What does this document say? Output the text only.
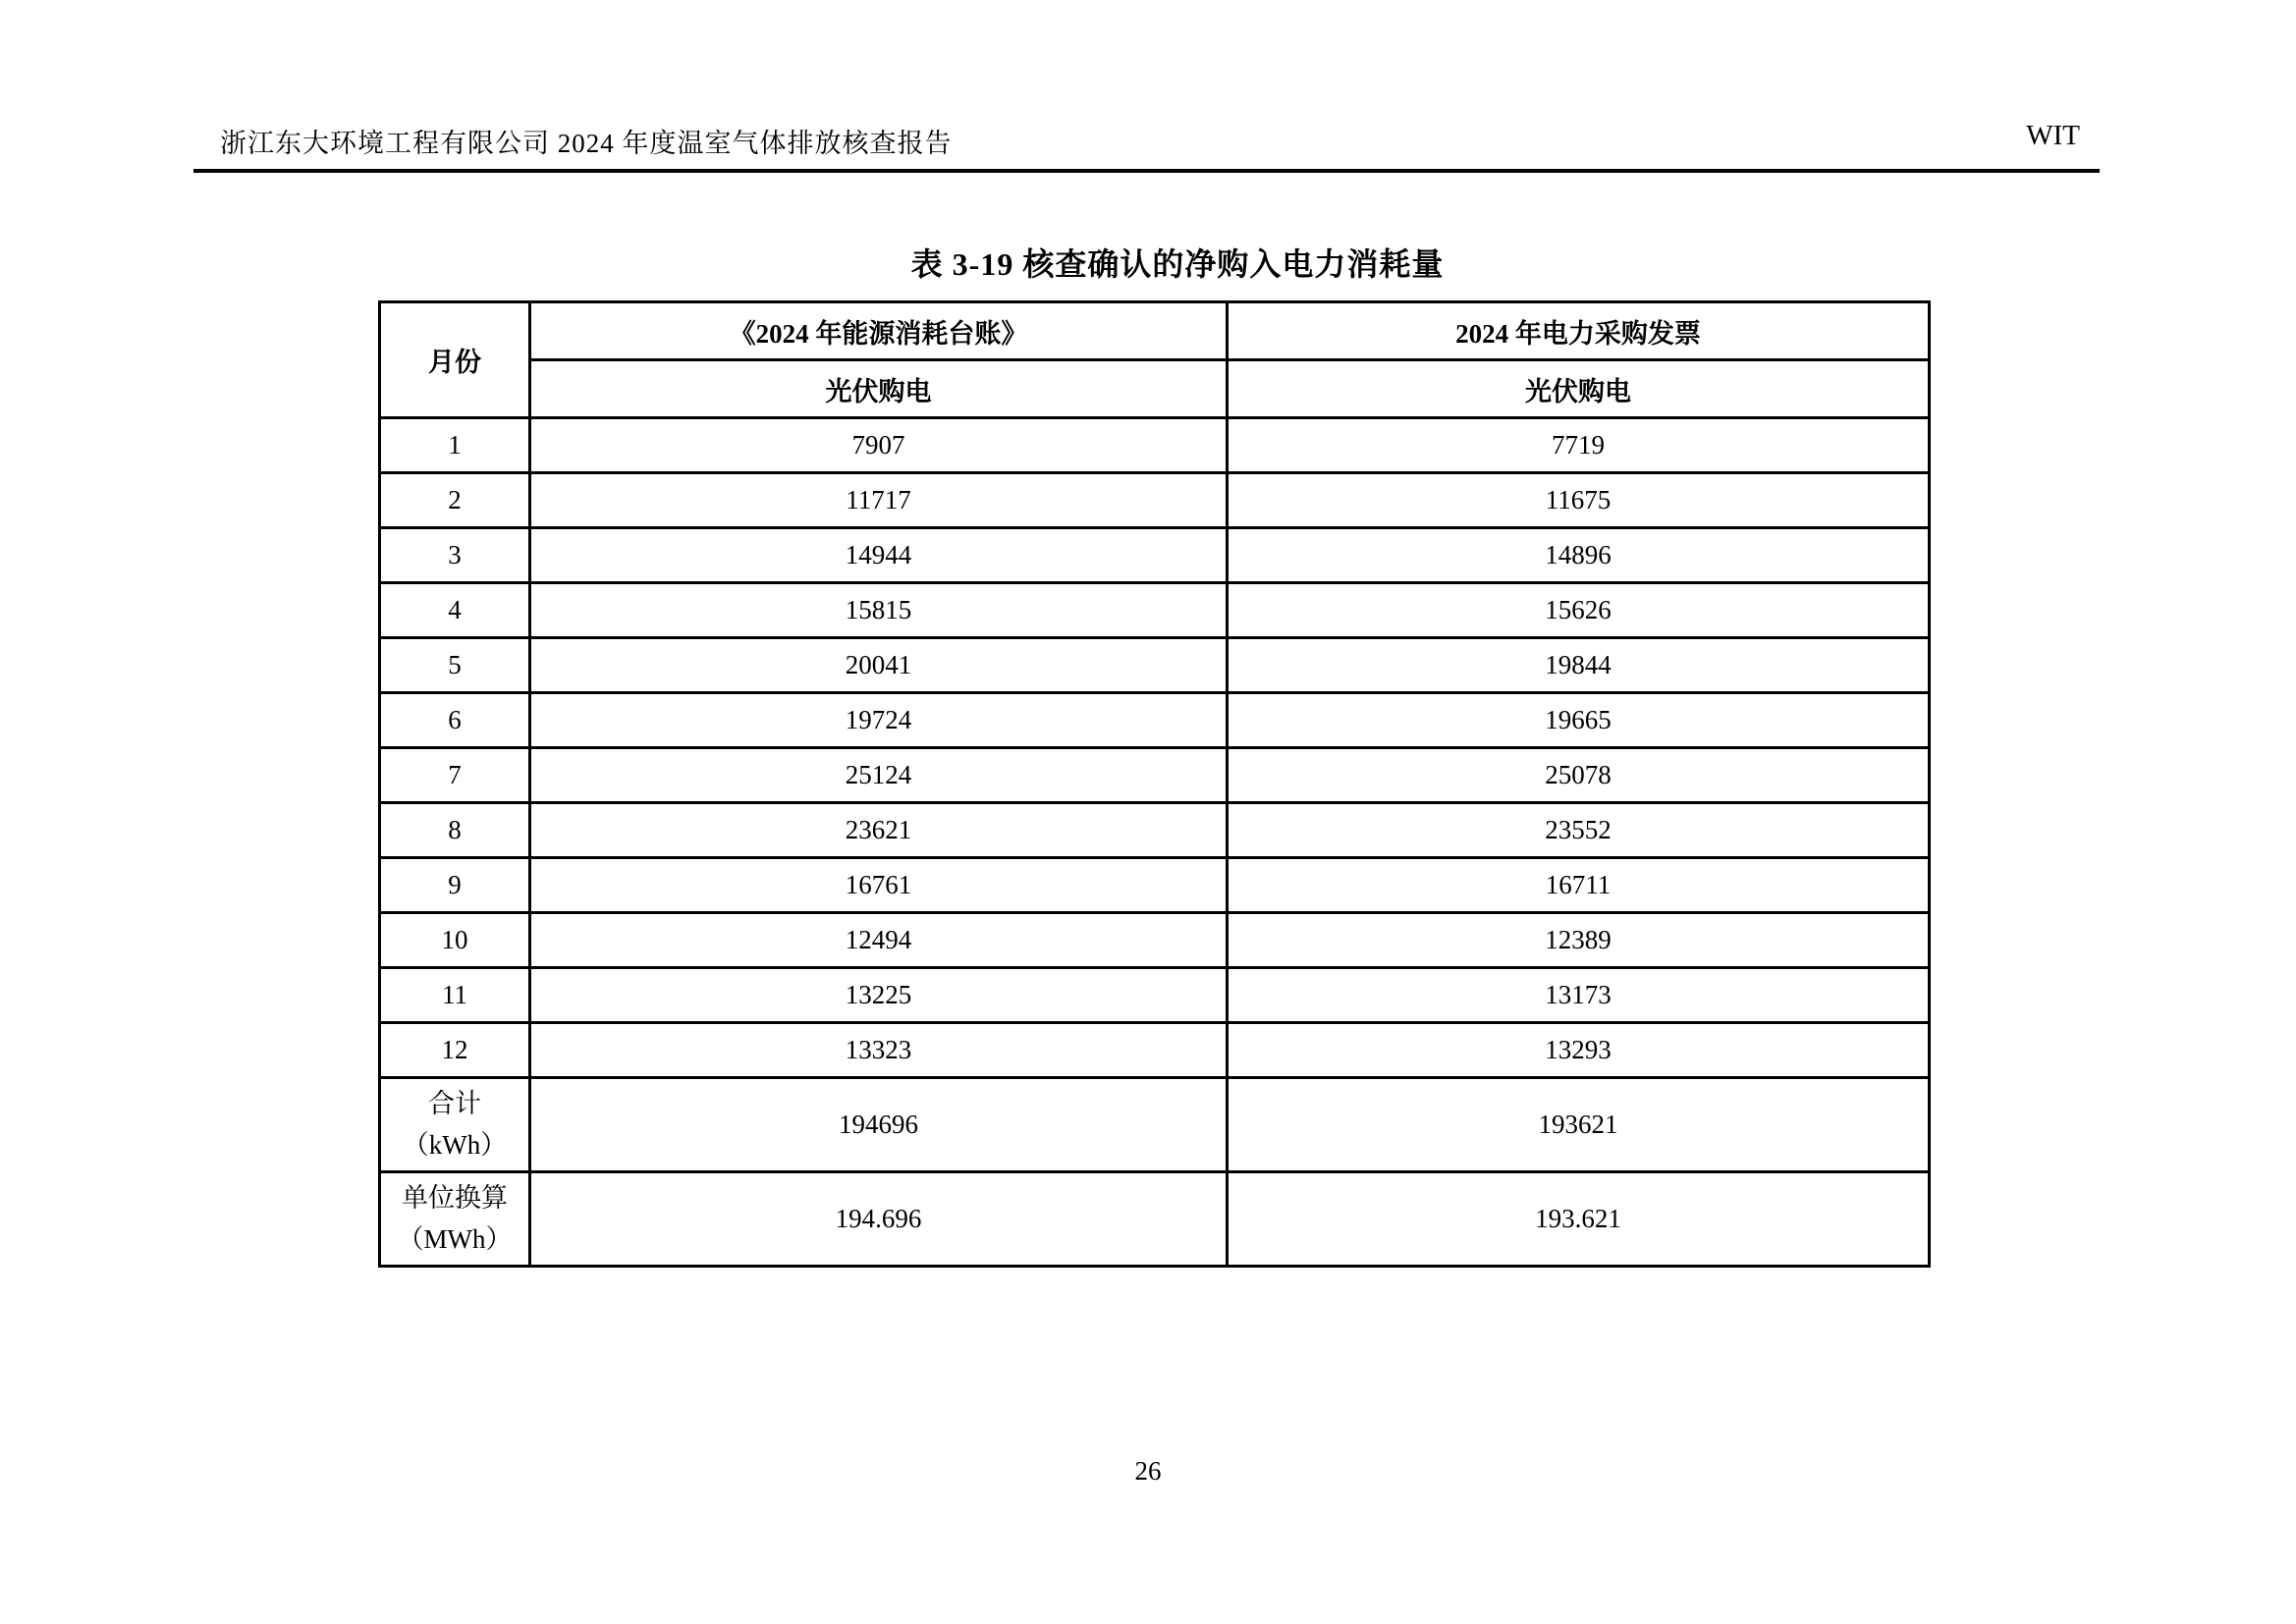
浙江东大环境工程有限公司 2024 年度温室气体排放核查报告	WIT
表 3-19 核查确认的净购入电力消耗量
月份	《2024 年能源消耗台账》	2024 年电力采购发票
	光伏购电	光伏购电
1	7907	7719
2	11717	11675
3	14944	14896
4	15815	15626
5	20041	19844
6	19724	19665
7	25124	25078
8	23621	23552
9	16761	16711
10	12494	12389
11	13225	13173
12	13323	13293

合计
（kWh）	194696	193621

单位换算
（MWh）	194.696	193.621
26
